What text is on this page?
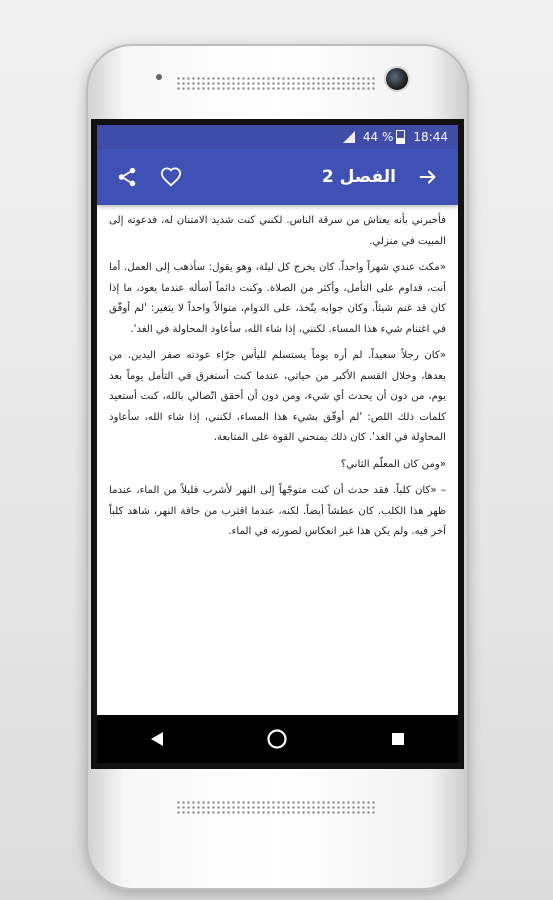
44 % 18:44
الفصل 2

فأخبرني بأنه يعتاش من سرقة الناس. لكنني كنت شديد الامتنان له، فدعوته إلى المبيت في منزلي.

«مكث عندي شهراً واحداً. كان يخرج كل ليلة، وهو يقول: سأذهب إلى العمل. أما أنت، فداوم على التأمل، وأكثر من الصلاة. وكنت دائماً أسأله عندما يعود، ما إذا كان قد غنم شيئاً. وكان جوابه يتّخذ، على الدوام، منوالاً واحداً لا يتغير: 'لم أوفّق في اغتنام شيء هذا المساء. لكنني، إذا شاء الله، سأعاود المحاولة في الغد'.

«كان رجلاً سعيداً. لم أره يوماً يستسلم لليأس جرّاء عودته صفر اليدين. من بعدها، وخلال القسم الأكبر من حياتي، عندما كنت أستغرق في التأمل يوماً بعد يوم، من دون أن يحدث أي شيء، ومن دون أن أحقق اتّصالي بالله، كنت أستعيد كلمات ذلك اللص: 'لم أوفّق بشيء هذا المساء، لكنني، إذا شاء الله، سأعاود المحاولة في الغد'. كان ذلك يمنحني القوة على المتابعة.

«ومن كان المعلّم الثاني؟

– «كان كلباً. فقد حدث أن كنت متوجّهاً إلى النهر لأشرب قليلاً من الماء، عندما ظهر هذا الكلب. كان عطشاً أيضاً. لكنه، عندما اقترب من حافة النهر، شاهد كلباً آخر فيه. ولم يكن هذا غير انعكاس لصورته في الماء.
